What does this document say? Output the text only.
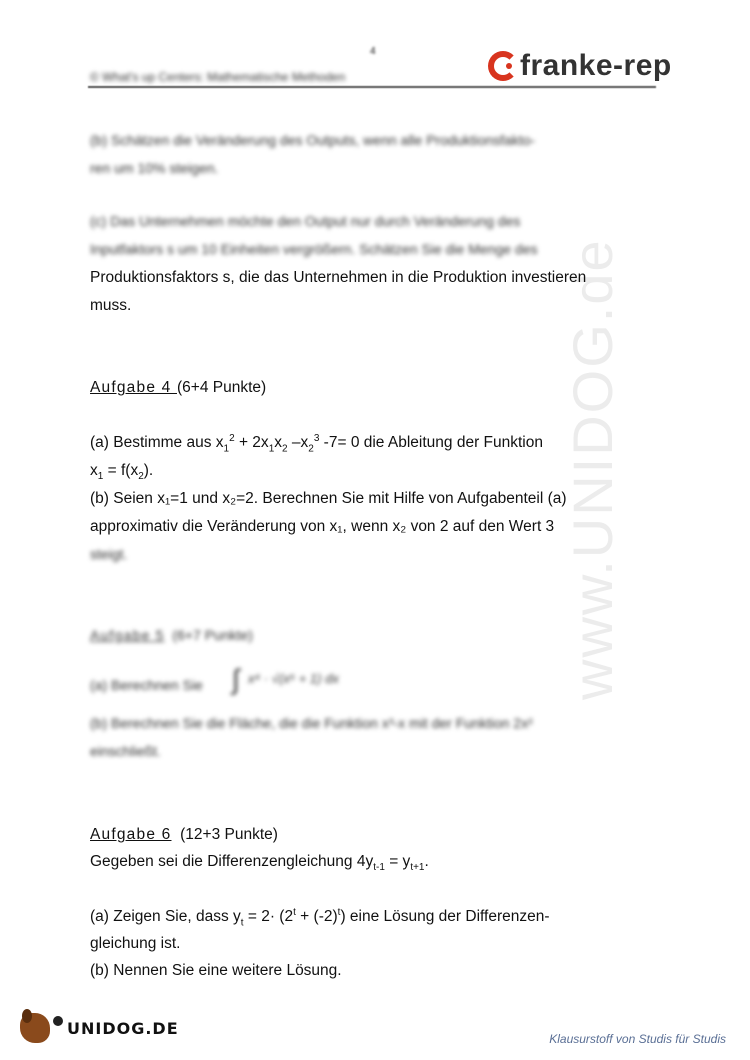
www.UNIDOG.de
4
© What's up Centers: Mathematische Methoden	franke-rep
(b) Schätzen die Veränderung des Outputs, wenn alle Produktionsfakto-
ren um 10% steigen.
(c) Das Unternehmen möchte den Output nur durch Veränderung des
Inputfaktors s um 10 Einheiten vergrößern. Schätzen Sie die Menge des
Produktionsfaktors s, die das Unternehmen in die Produktion investieren
muss.
Aufgabe 4 (6+4 Punkte)
(a) Bestimme aus $x_1^2 + 2x_1x_2$ $-x_2^3$ -7= 0 die Ableitung der Funktion
$x_1 = f(x_2)$.
(b) Seien x₁=1 und x₂=2. Berechnen Sie mit Hilfe von Aufgabenteil (a)
approximativ die Veränderung von x₁, wenn x₂ von 2 auf den Wert 3
steigt.
Aufgabe 5 (6+7 Punkte)
(a) Berechnen Sie ∫ x⁴ · √(x⁵ + 1) dx
(b) Berechnen Sie die Fläche, die die Funktion x³-x mit der Funktion 2x²
einschließt.
Aufgabe 6 (12+3 Punkte)
Gegeben sei die Differenzengleichung $4y_{t-1} = y_{t+1}$.
(a) Zeigen Sie, dass $y_t = 2\cdot (2^t + (-2)^t)$ eine Lösung der Differenzen-
gleichung ist.
(b) Nennen Sie eine weitere Lösung.
UNIDOG.DE
Klausurstoff von Studis für Studis
